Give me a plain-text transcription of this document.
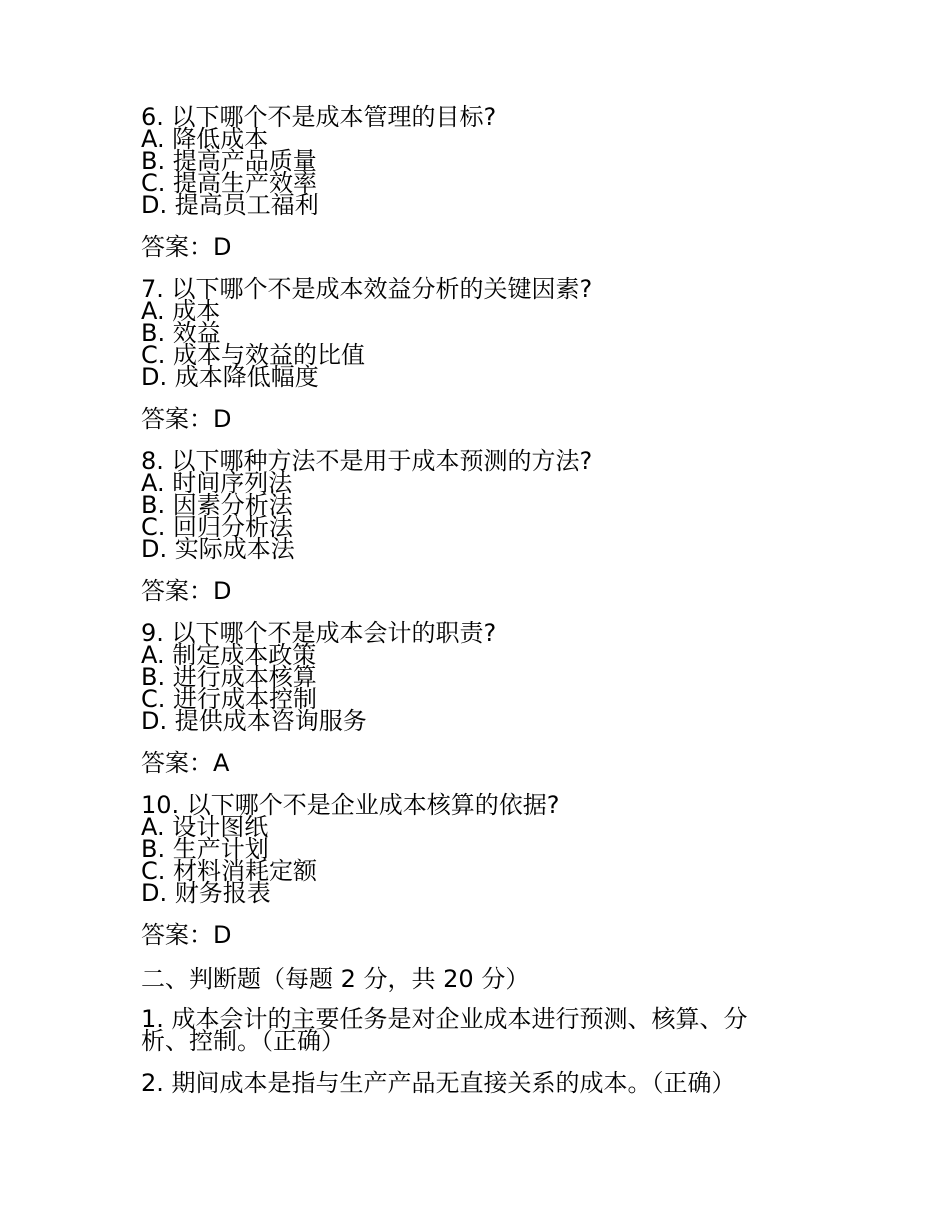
6. 以下哪个不是成本管理的目标?
A. 降低成本
B. 提高产品质量
C. 提高生产效率
D. 提高员工福利
答案：D
7. 以下哪个不是成本效益分析的关键因素?
A. 成本
B. 效益
C. 成本与效益的比值
D. 成本降低幅度
答案：D
8. 以下哪种方法不是用于成本预测的方法?
A. 时间序列法
B. 因素分析法
C. 回归分析法
D. 实际成本法
答案：D
9. 以下哪个不是成本会计的职责?
A. 制定成本政策
B. 进行成本核算
C. 进行成本控制
D. 提供成本咨询服务
答案：A
10. 以下哪个不是企业成本核算的依据?
A. 设计图纸
B. 生产计划
C. 材料消耗定额
D. 财务报表
答案：D
二、判断题（每题 2 分，共 20 分）
1. 成本会计的主要任务是对企业成本进行预测、核算、分析、控制。（正确）
2. 期间成本是指与生产产品无直接关系的成本。（正确）
